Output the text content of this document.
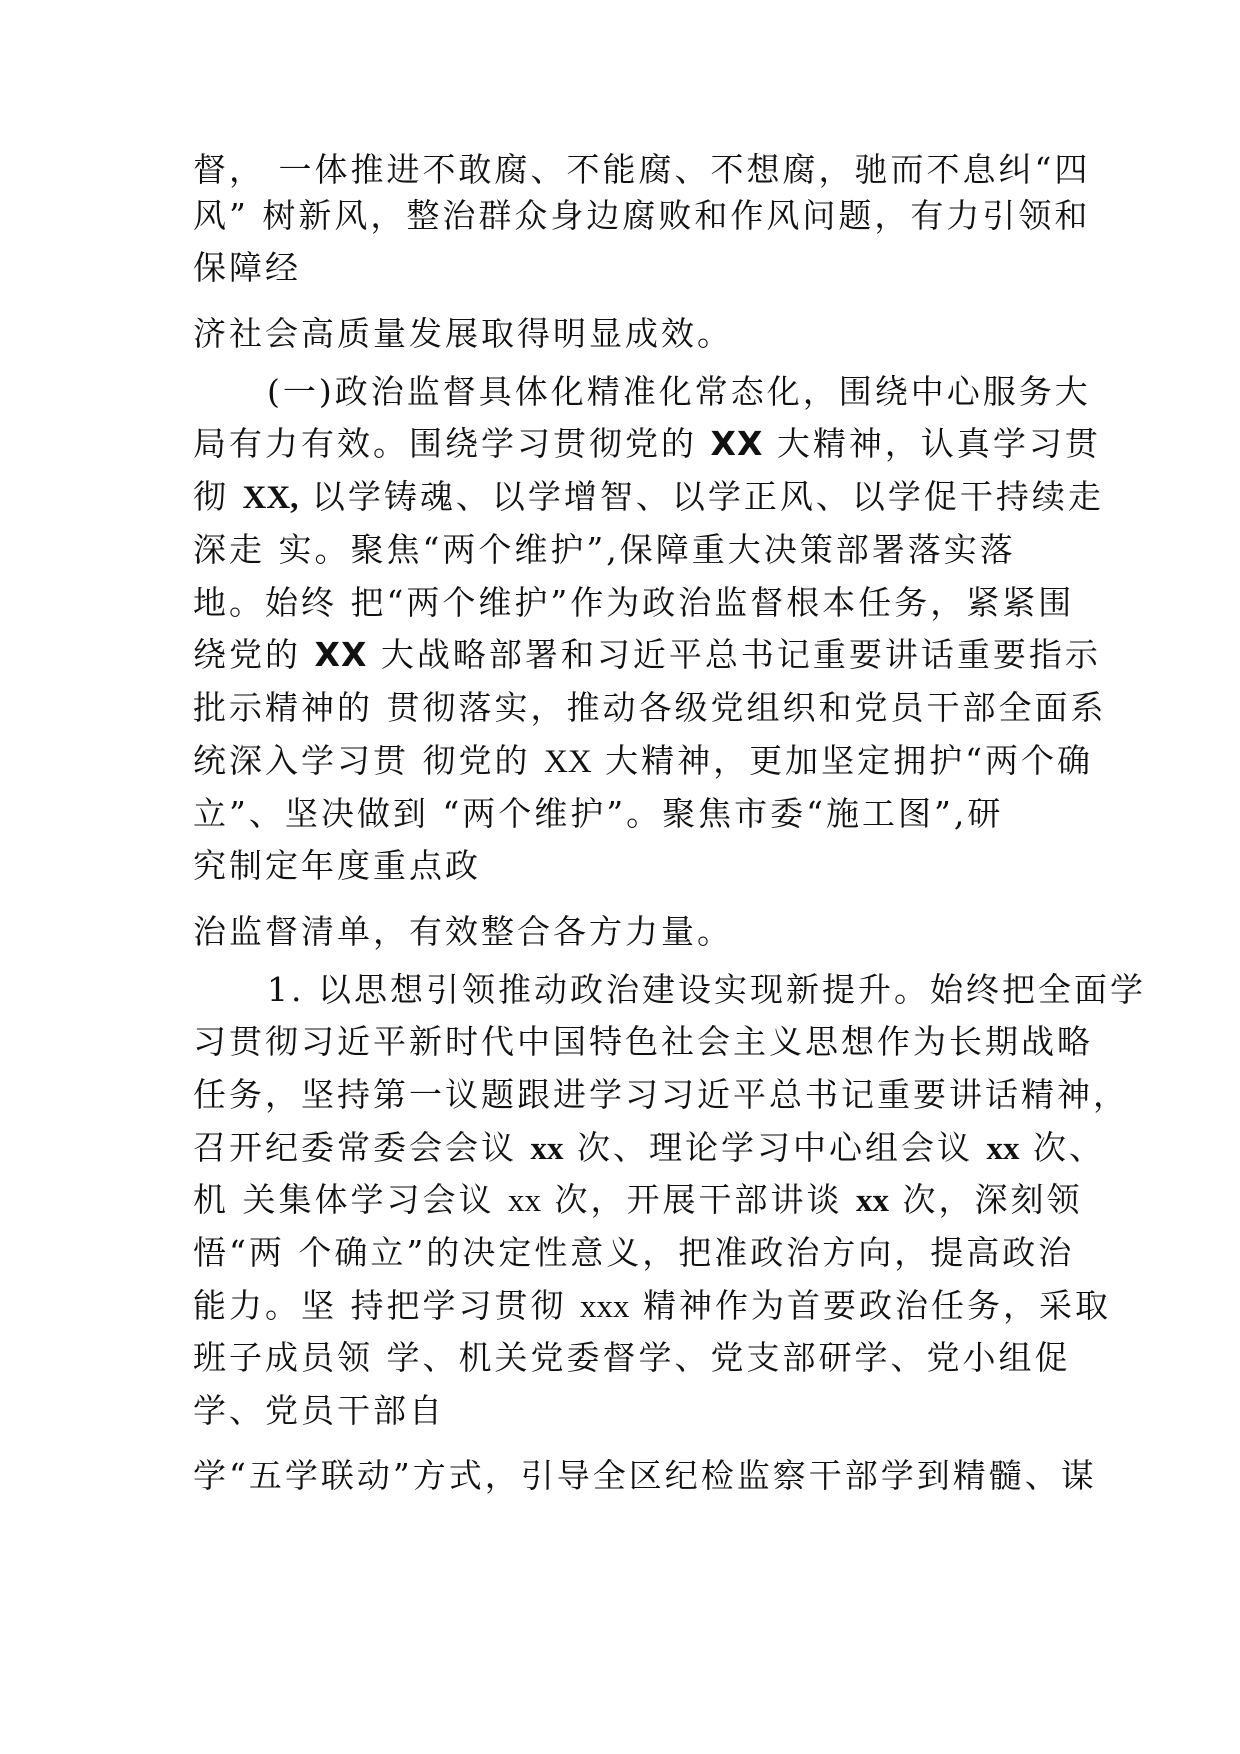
督， 一体推进不敢腐、不能腐、不想腐，驰而不息纠“四
风” 树新风，整治群众身边腐败和作风问题，有力引领和
保障经
济社会高质量发展取得明显成效。
(一)政治监督具体化精准化常态化，围绕中心服务大
局有力有效。围绕学习贯彻党的 XX 大精神，认真学习贯
彻 XX, 以学铸魂、以学增智、以学正风、以学促干持续走
深走 实。聚焦“两个维护”,保障重大决策部署落实落
地。始终 把“两个维护”作为政治监督根本任务，紧紧围
绕党的 XX 大战略部署和习近平总书记重要讲话重要指示
批示精神的 贯彻落实，推动各级党组织和党员干部全面系
统深入学习贯 彻党的 XX 大精神，更加坚定拥护“两个确
立”、坚决做到 “两个维护”。聚焦市委“施工图”,研
究制定年度重点政
治监督清单，有效整合各方力量。
1. 以思想引领推动政治建设实现新提升。始终把全面学
习贯彻习近平新时代中国特色社会主义思想作为长期战略
任务，坚持第一议题跟进学习习近平总书记重要讲话精神，
召开纪委常委会会议 xx 次、理论学习中心组会议 xx 次、
机 关集体学习会议 xx 次，开展干部讲谈 xx 次，深刻领
悟“两 个确立”的决定性意义，把准政治方向，提高政治
能力。坚 持把学习贯彻 xxx 精神作为首要政治任务，采取
班子成员领 学、机关党委督学、党支部研学、党小组促
学、党员干部自
学“五学联动”方式，引导全区纪检监察干部学到精髓、谋
